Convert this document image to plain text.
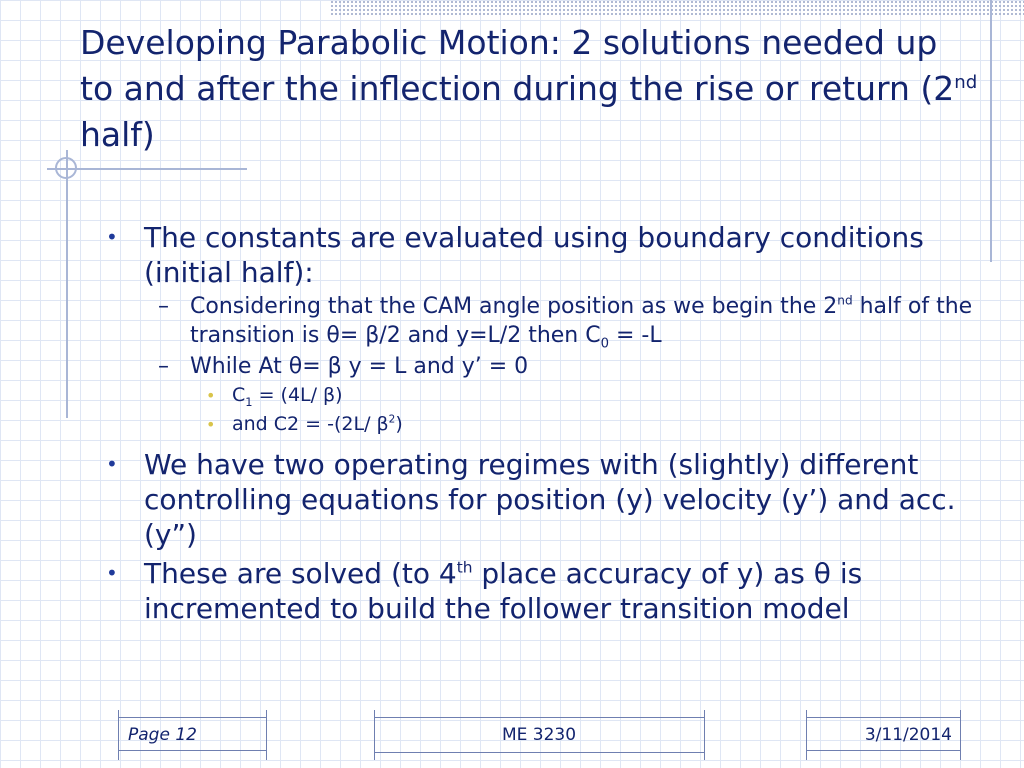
Developing Parabolic Motion: 2 solutions needed up to and after the inflection during the rise or return (2nd half)
• The constants are evaluated using boundary conditions (initial half):
– Considering that the CAM angle position as we begin the 2nd half of the transition is θ= β/2 and y=L/2 then $C_0 = -L$
– While At θ= β y = L and y’ = 0
• $C_1 = (4L/$ β)
• and C2 = -(2L/ $\beta^2$)
• We have two operating regimes with (slightly) different controlling equations for position (y) velocity (y’) and acc. (y”)
• These are solved (to 4th place accuracy of y) as θ is incremented to build the follower transition model
Page 12	ME 3230	3/11/2014
